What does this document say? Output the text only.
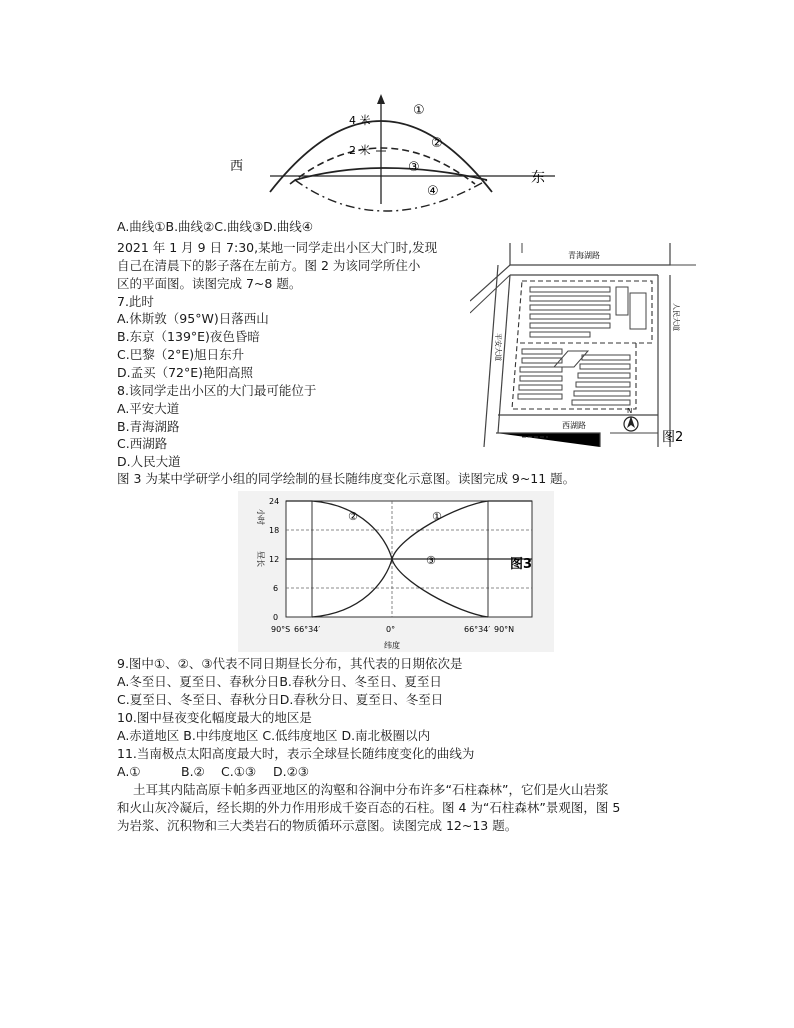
西
东
4 米
2 米
①
②
③
④
A.曲线①B.曲线②C.曲线③D.曲线④
2021 年 1 月 9 日 7:30,某地一同学走出小区大门时,发现
自己在清晨下的影子落在左前方。图 2 为该同学所住小
区的平面图。读图完成 7~8 题。
7.此时
A.休斯敦（95°W)日落西山
B.东京（139°E)夜色昏暗
C.巴黎（2°E)旭日东升
D.孟买（72°E)艳阳高照
8.该同学走出小区的大门最可能位于
A.平安大道
B.青海湖路
C.西湖路
D.人民大道
青海湖路
西湖路
平安大道
人民大道
小区范围
N
图2
图 3 为某中学研学小组的同学绘制的昼长随纬度变化示意图。读图完成 9~11 题。
小时
昼长
纬度
图3
24
18
12
6
0
90°S 66°34′	0°	66°34′ 90°N
②	①
③
9.图中①、②、③代表不同日期昼长分布，其代表的日期依次是
A.冬至日、夏至日、春秋分日B.春秋分日、冬至日、夏至日
C.夏至日、冬至日、春秋分日D.春秋分日、夏至日、冬至日
10.图中昼夜变化幅度最大的地区是
A.赤道地区 B.中纬度地区 C.低纬度地区 D.南北极圈以内
11.当南极点太阳高度最大时，表示全球昼长随纬度变化的曲线为
A.①	B.② C.①③ D.②③
土耳其内陆高原卡帕多西亚地区的沟壑和谷涧中分布许多“石柱森林”，它们是火山岩浆
和火山灰冷凝后，经长期的外力作用形成千姿百态的石柱。图 4 为“石柱森林”景观图，图 5
为岩浆、沉积物和三大类岩石的物质循环示意图。读图完成 12~13 题。
